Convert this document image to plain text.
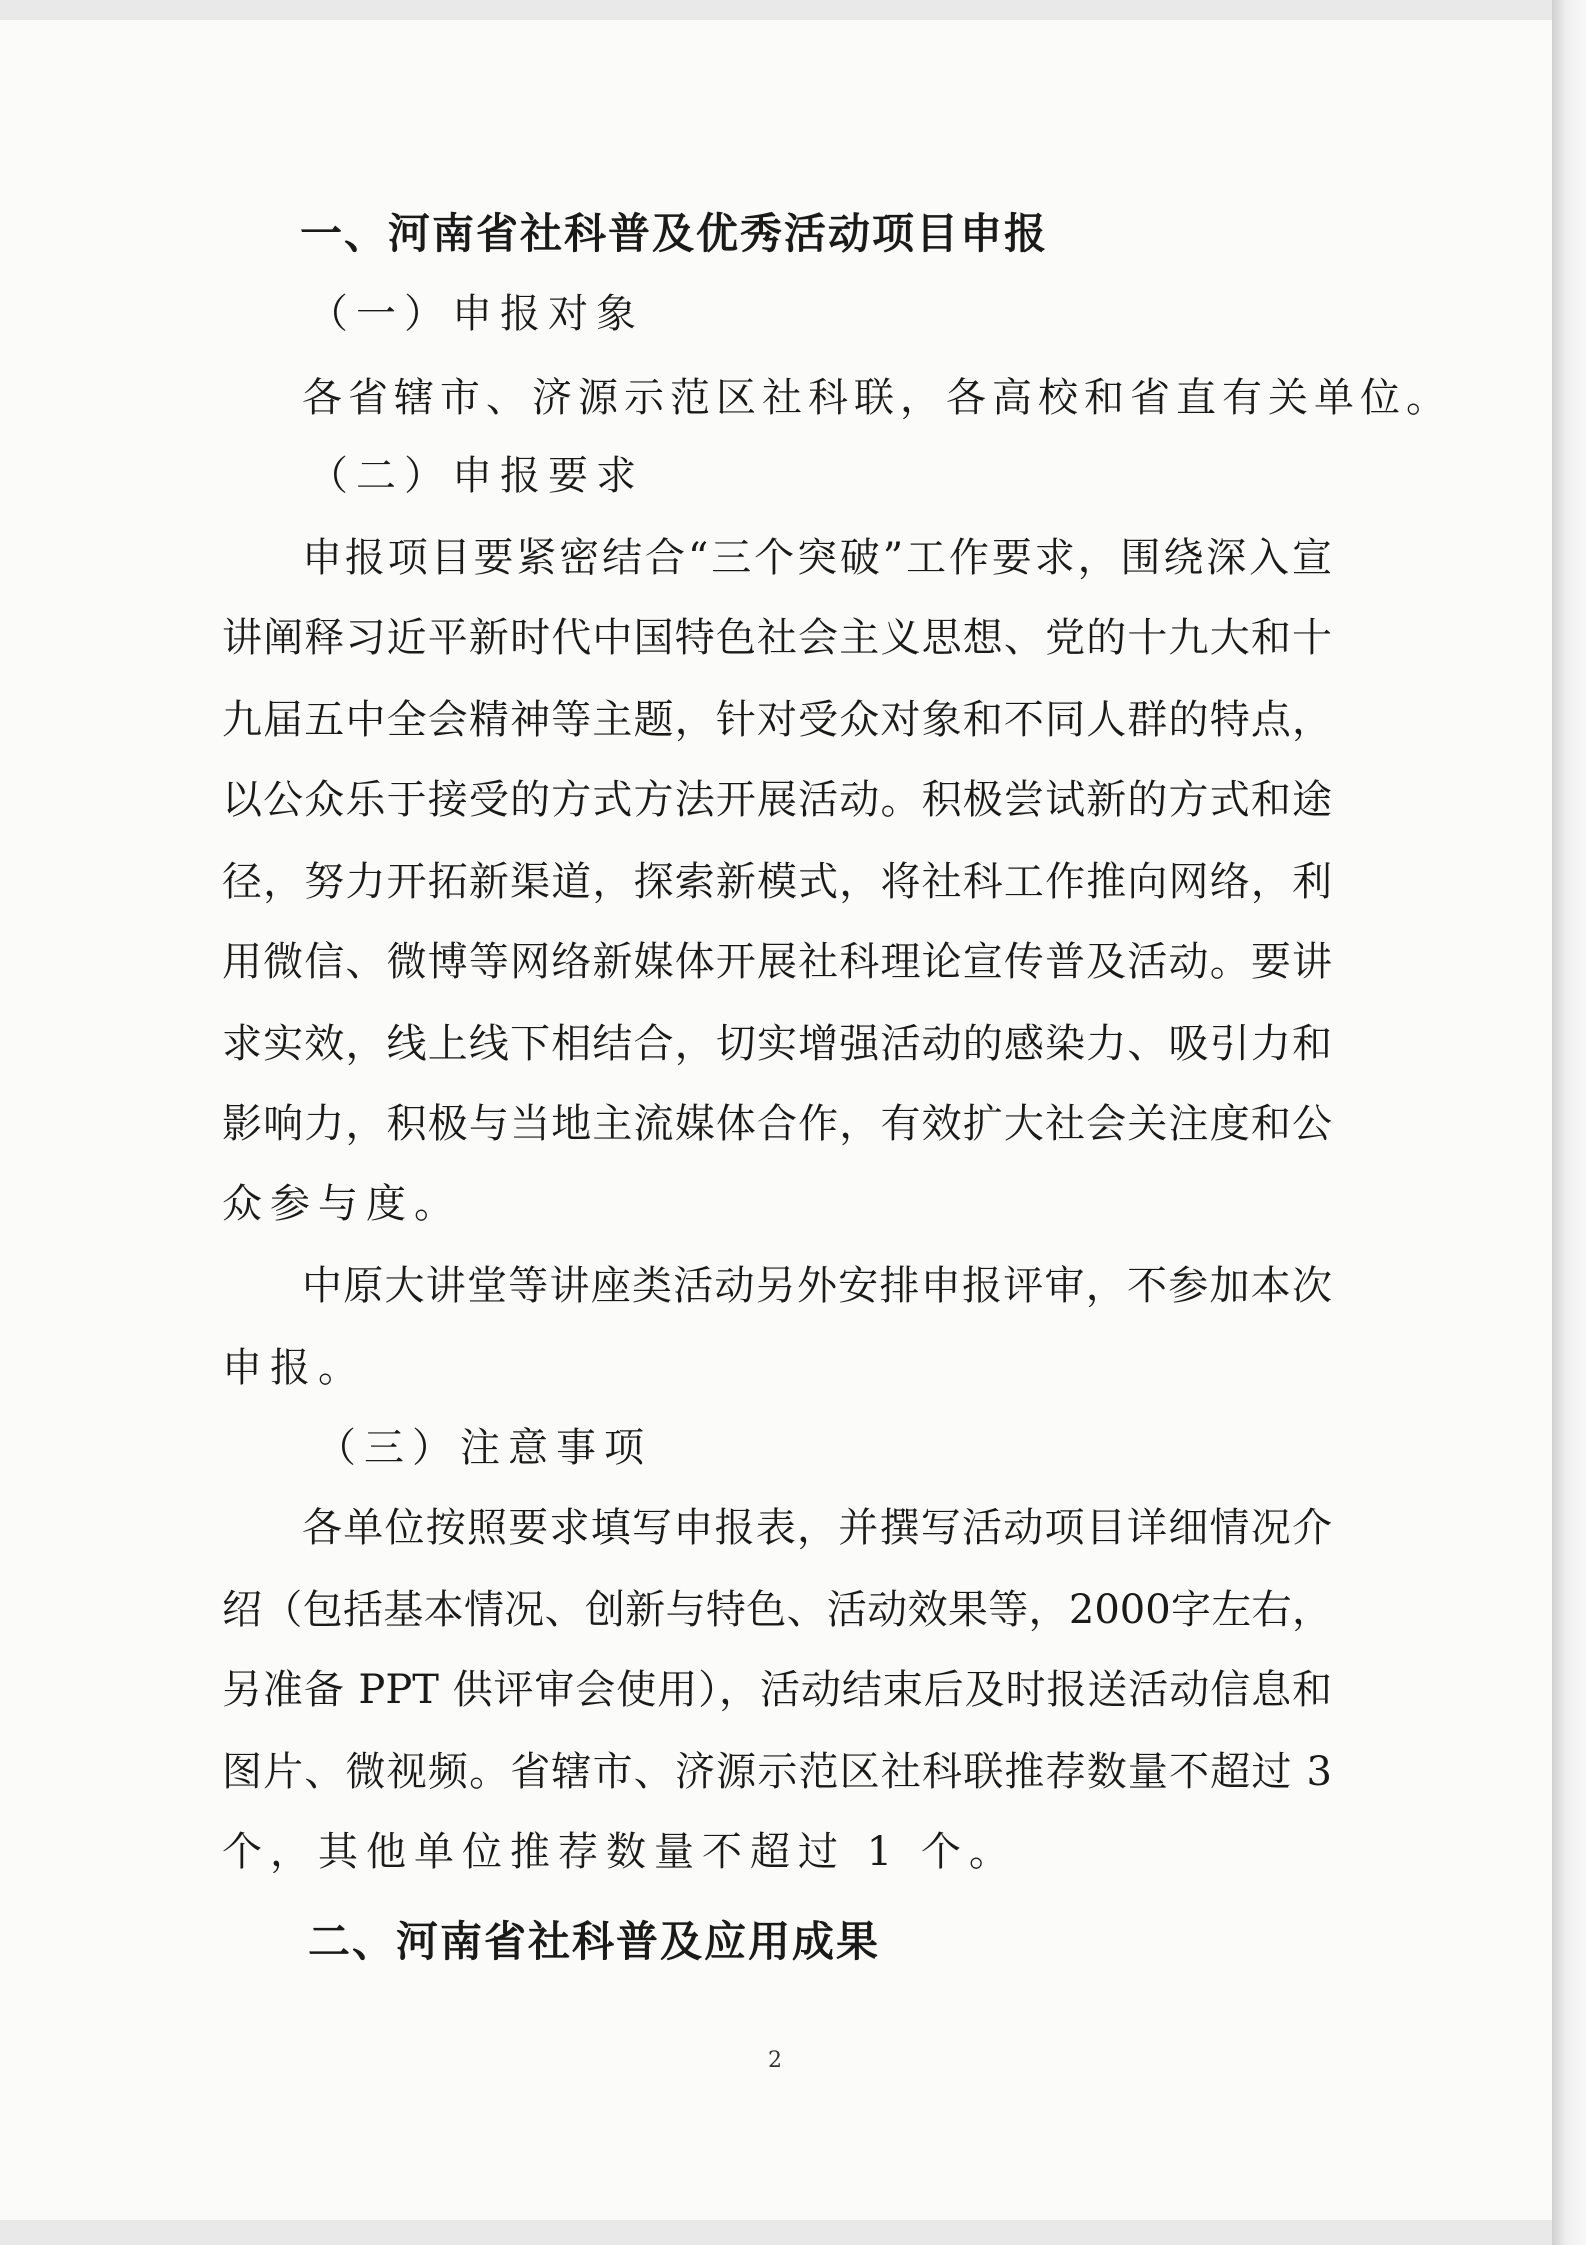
一、河南省社科普及优秀活动项目申报
（一）申报对象
各省辖市、济源示范区社科联，各高校和省直有关单位。
（二）申报要求
申报项目要紧密结合“三个突破”工作要求，围绕深入宣
讲阐释习近平新时代中国特色社会主义思想、党的十九大和十
九届五中全会精神等主题，针对受众对象和不同人群的特点，
以公众乐于接受的方式方法开展活动。积极尝试新的方式和途
径，努力开拓新渠道，探索新模式，将社科工作推向网络，利
用微信、微博等网络新媒体开展社科理论宣传普及活动。要讲
求实效，线上线下相结合，切实增强活动的感染力、吸引力和
影响力，积极与当地主流媒体合作，有效扩大社会关注度和公
众参与度。
中原大讲堂等讲座类活动另外安排申报评审，不参加本次
申报。
（三）注意事项
各单位按照要求填写申报表，并撰写活动项目详细情况介
绍（包括基本情况、创新与特色、活动效果等，2000字左右，
另准备 PPT 供评审会使用），活动结束后及时报送活动信息和
图片、微视频。省辖市、济源示范区社科联推荐数量不超过 3
个，其他单位推荐数量不超过 1 个。
二、河南省社科普及应用成果
2
